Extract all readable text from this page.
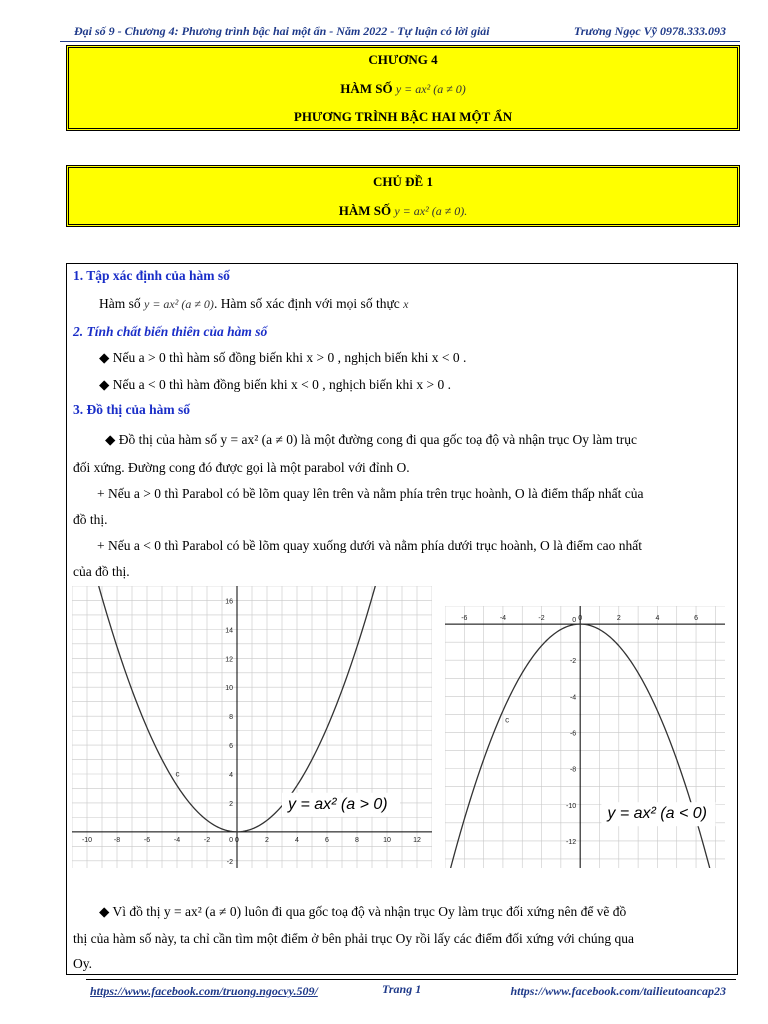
Đại số 9 - Chương 4: Phương trình bậc hai một ẩn - Năm 2022 - Tự luận có lời giải	Trương Ngọc Vỹ 0978.333.093
CHƯƠNG 4
HÀM SỐ y = ax² (a ≠ 0)
PHƯƠNG TRÌNH BẬC HAI MỘT ẨN
CHỦ ĐỀ 1
HÀM SỐ y = ax² (a ≠ 0).
1. Tập xác định của hàm số
Hàm số y = ax² (a ≠ 0). Hàm số xác định với mọi số thực x
2. Tính chất biến thiên của hàm số
◆ Nếu a > 0 thì hàm số đồng biến khi x > 0 , nghịch biến khi x < 0 .
◆ Nếu a < 0 thì hàm đồng biến khi x < 0 , nghịch biến khi x > 0 .
3. Đồ thị của hàm số
◆ Đồ thị của hàm số y = ax² (a ≠ 0) là một đường cong đi qua gốc toạ độ và nhận trục Oy làm trục
đối xứng. Đường cong đó được gọi là một parabol với đỉnh O.
+ Nếu a > 0 thì Parabol có bề lõm quay lên trên và nằm phía trên trục hoành, O là điểm thấp nhất của
đồ thị.
+ Nếu a < 0 thì Parabol có bề lõm quay xuống dưới và nằm phía dưới trục hoành, O là điểm cao nhất
của đồ thị.
-10	-8	-6	-4	-2	0	2	4	6	8	10	12
-2
2
4
6
8
10
12
14
16
0
c
y = ax² (a > 0)
-6	-4	-2	0	2	4	6
-12
-10
-8
-6
-4
-2
0
c
y = ax² (a < 0)
◆ Vì đồ thị y = ax² (a ≠ 0) luôn đi qua gốc toạ độ và nhận trục Oy làm trục đối xứng nên để vẽ đồ
thị của hàm số này, ta chỉ cần tìm một điểm ở bên phải trục Oy rồi lấy các điểm đối xứng với chúng qua
Oy.
https://www.facebook.com/truong.ngocvy.509/	Trang 1	https://www.facebook.com/tailieutoancap23
